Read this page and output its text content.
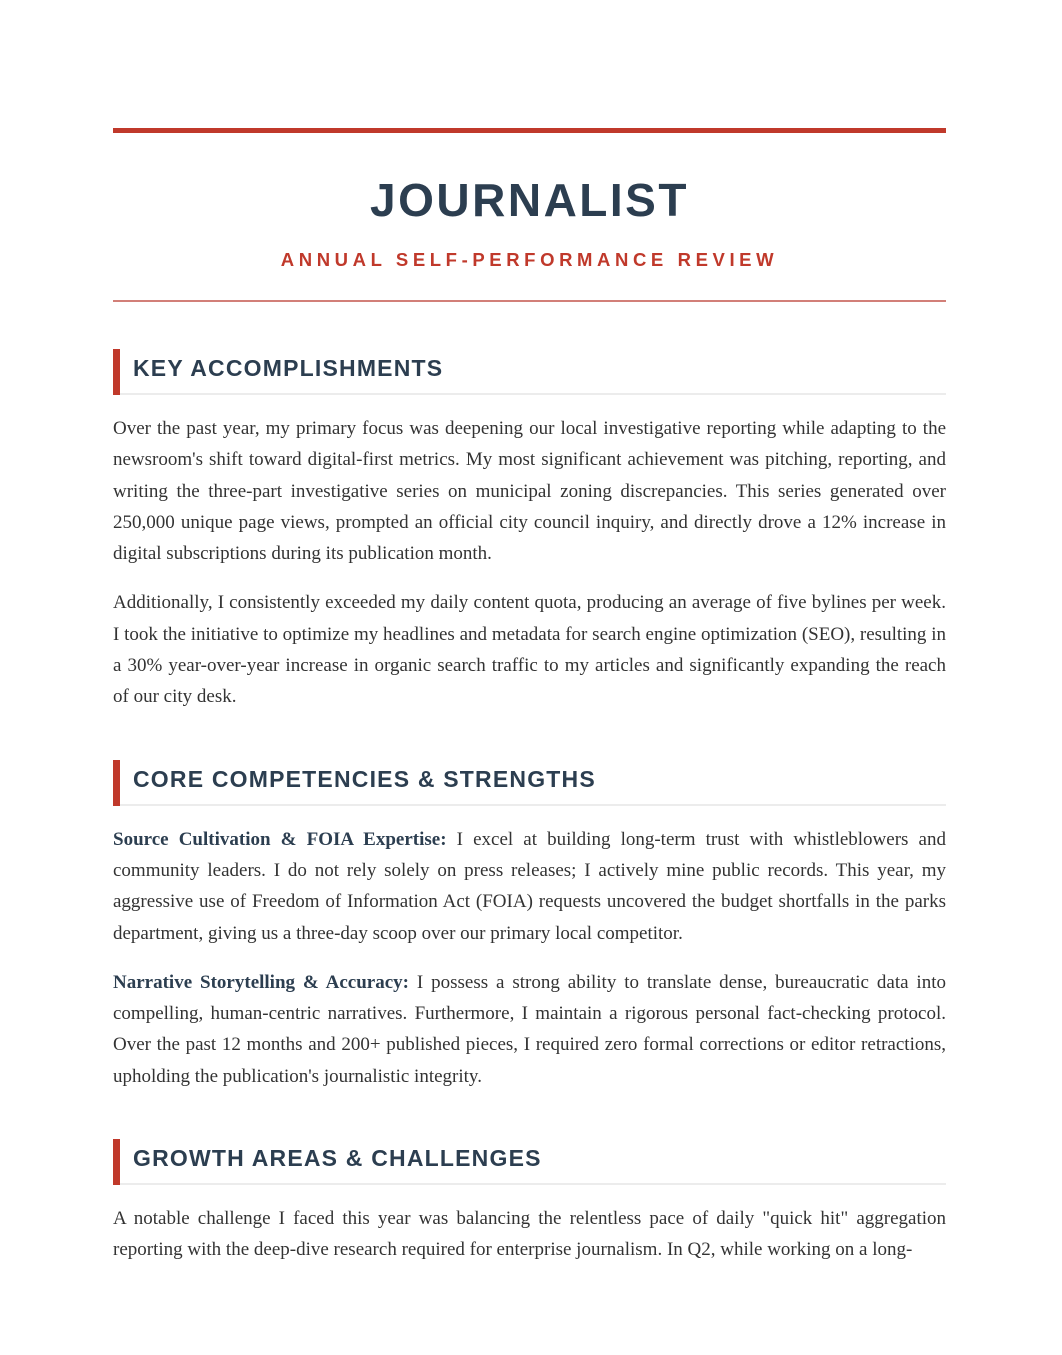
JOURNALIST
ANNUAL SELF-PERFORMANCE REVIEW
KEY ACCOMPLISHMENTS

Over the past year, my primary focus was deepening our local investigative reporting while adapting to the newsroom's shift toward digital-first metrics. My most significant achievement was pitching, reporting, and writing the three-part investigative series on municipal zoning discrepancies. This series generated over 250,000 unique page views, prompted an official city council inquiry, and directly drove a 12% increase in digital subscriptions during its publication month.

Additionally, I consistently exceeded my daily content quota, producing an average of five bylines per week. I took the initiative to optimize my headlines and metadata for search engine optimization (SEO), resulting in a 30% year-over-year increase in organic search traffic to my articles and significantly expanding the reach of our city desk.

CORE COMPETENCIES & STRENGTHS

Source Cultivation & FOIA Expertise: I excel at building long-term trust with whistleblowers and community leaders. I do not rely solely on press releases; I actively mine public records. This year, my aggressive use of Freedom of Information Act (FOIA) requests uncovered the budget shortfalls in the parks department, giving us a three-day scoop over our primary local competitor.

Narrative Storytelling & Accuracy: I possess a strong ability to translate dense, bureaucratic data into compelling, human-centric narratives. Furthermore, I maintain a rigorous personal fact-checking protocol. Over the past 12 months and 200+ published pieces, I required zero formal corrections or editor retractions, upholding the publication's journalistic integrity.

GROWTH AREAS & CHALLENGES

A notable challenge I faced this year was balancing the relentless pace of daily "quick hit" aggregation reporting with the deep-dive research required for enterprise journalism. In Q2, while working on a long-
